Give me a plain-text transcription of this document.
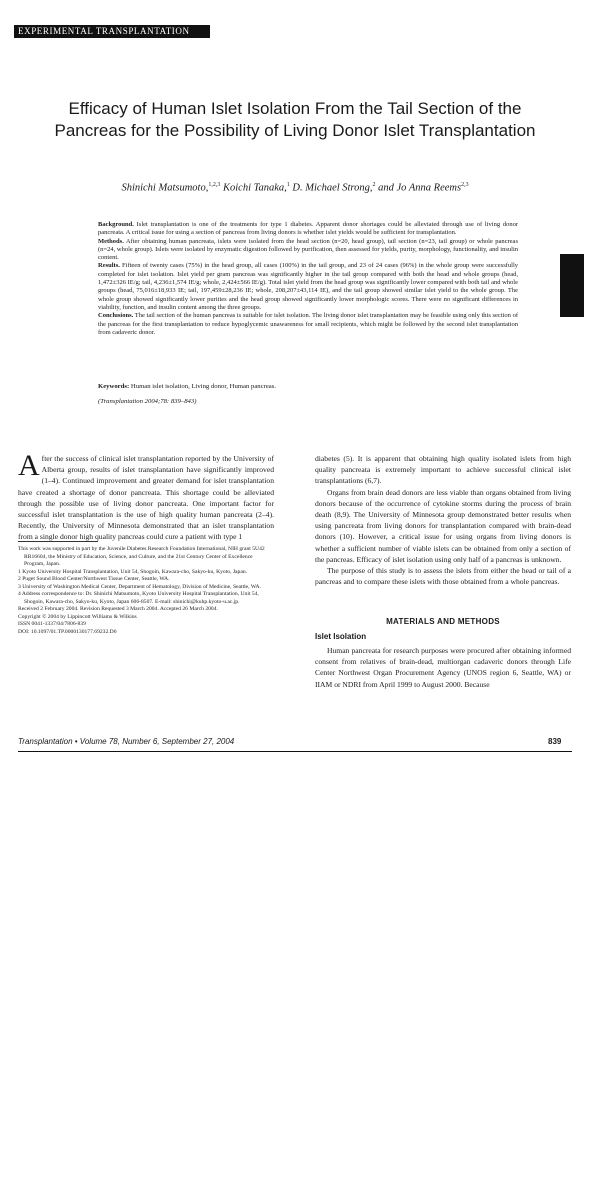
EXPERIMENTAL TRANSPLANTATION
Efficacy of Human Islet Isolation From the Tail Section of the Pancreas for the Possibility of Living Donor Islet Transplantation
Shinichi Matsumoto,$^{1,2,3}$ Koichi Tanaka,$^1$ D. Michael Strong,$^2$ and Jo Anna Reems$^{2,3}$

Background. Islet transplantation is one of the treatments for type 1 diabetes. Apparent donor shortages could be alleviated through use of living donor pancreata. A critical issue for using a section of pancreas from living donors is whether islet yields would be sufficient for transplantation.

Methods. After obtaining human pancreata, islets were isolated from the head section (n=20, head group), tail section (n=23, tail group) or whole pancreas (n=24, whole group). Islets were isolated by enzymatic digestion followed by purification, then assessed for yields, purity, morphology, functionality, and insulin content.

Results. Fifteen of twenty cases (75%) in the head group, all cases (100%) in the tail group, and 23 of 24 cases (96%) in the whole group were successfully completed for islet isolation. Islet yield per gram pancreas was significantly higher in the tail group compared with both the head and whole groups (head, 1,472±326 IE/g; tail, 4,236±1,574 IE/g; whole, 2,424±566 IE/g). Total islet yield from the head group was significantly lower compared with both tail and whole groups (head, 75,016±18,933 IE; tail, 197,459±28,236 IE; whole, 208,207±43,114 IE), and the tail group showed similar islet yield to the whole group. The whole group showed significantly lower purities and the head group showed significantly lower morphologic scores. There were no significant differences in viability, function, and insulin content among the three groups.

Conclusions. The tail section of the human pancreas is suitable for islet isolation. The living donor islet transplantation may be feasible using only this section of the pancreas for the first transplantation to reduce hypoglycemic unawareness for small recipients, which might be followed by the second islet transplantation from cadaveric donor.

Keywords: Human islet isolation, Living donor, Human pancreas.
(Transplantation 2004;78: 839–843)

After the success of clinical islet transplantation reported by the University of Alberta group, results of islet transplantation have significantly improved (1–4). Continued improvement and greater demand for islet transplantation have created a shortage of donor pancreata. This shortage could be alleviated through the possible use of living donor pancreata. One important factor for successful islet transplantation is the use of high quality human pancreata (2–4). Recently, the University of Minnesota demonstrated that an islet transplantation from a single donor high quality pancreas could cure a patient with type 1

This work was supported in part by the Juvenile Diabetes Research Foundation International, NIH grant 5U42 RR16604, the Ministry of Education, Science, and Culture, and the 21st Century Center of Excellence Program, Japan.

1 Kyoto University Hospital Transplantation, Unit 54, Shogoin, Kawara-cho, Sakyo-ku, Kyoto, Japan.

2 Puget Sound Blood Center/Northwest Tissue Center, Seattle, WA.

3 University of Washington Medical Center, Department of Hematology, Division of Medicine, Seattle, WA.

4 Address correspondence to: Dr. Shinichi Matsumoto, Kyoto University Hospital Transplantation, Unit 54, Shogoin, Kawara-cho, Sakyo-ku, Kyoto, Japan 606-8507. E-mail: shinichi@kuhp.kyoto-u.ac.jp.

Received 2 February 2004. Revision Requested 3 March 2004. Accepted 26 March 2004.

Copyright © 2004 by Lippincott Williams & Wilkins

ISSN 0041-1337/04/7806-839

DOI: 10.1097/01.TP.0000130177.69232.D6

diabetes (5). It is apparent that obtaining high quality isolated islets from high quality pancreata is extremely important to achieve successful clinical islet transplantations (6,7).

Organs from brain dead donors are less viable than organs obtained from living donors because of the occurrence of cytokine storms during the process of brain death (8,9). The University of Minnesota group demonstrated better results when using pancreata from living donors for transplantation compared with brain-dead donors (10). However, a critical issue for using organs from living donors is whether a sufficient number of viable islets can be obtained from only a section of the pancreas. Efficacy of islet isolation using only half of a pancreas is unknown.

The purpose of this study is to assess the islets from either the head or tail of a pancreas and to compare these islets with those obtained from a whole pancreas.

MATERIALS AND METHODS
Islet Isolation

Human pancreata for research purposes were procured after obtaining informed consent from relatives of brain-dead, multiorgan cadaveric donors through Life Center Northwest Organ Procurement Agency (UNOS region 6, Seattle, WA) or IIAM or NDRI from April 1999 to August 2000. Because

Transplantation • Volume 78, Number 6, September 27, 2004	839
